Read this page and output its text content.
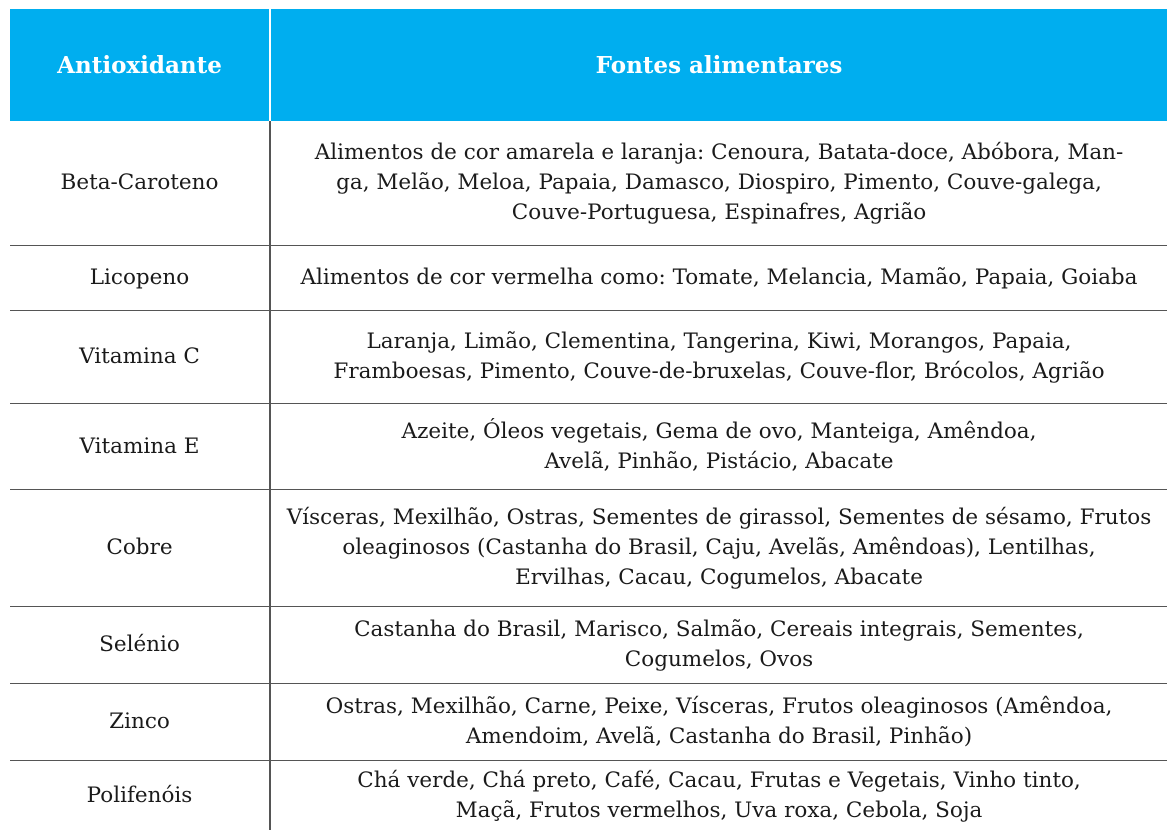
Antioxidante	Fontes alimentares
Beta-Caroteno
Alimentos de cor amarela e laranja: Cenoura, Batata-doce, Abóbora, Man-
ga, Melão, Meloa, Papaia, Damasco, Diospiro, Pimento, Couve-galega,
Couve-Portuguesa, Espinafres, Agrião
Licopeno	Alimentos de cor vermelha como: Tomate, Melancia, Mamão, Papaia, Goiaba
Vitamina C
Laranja, Limão, Clementina, Tangerina, Kiwi, Morangos, Papaia,
Framboesas, Pimento, Couve-de-bruxelas, Couve-flor, Brócolos, Agrião
Vitamina E
Azeite, Óleos vegetais, Gema de ovo, Manteiga, Amêndoa,
Avelã, Pinhão, Pistácio, Abacate
Cobre
Vísceras, Mexilhão, Ostras, Sementes de girassol, Sementes de sésamo, Frutos
oleaginosos (Castanha do Brasil, Caju, Avelãs, Amêndoas), Lentilhas,
Ervilhas, Cacau, Cogumelos, Abacate
Selénio
Castanha do Brasil, Marisco, Salmão, Cereais integrais, Sementes,
Cogumelos, Ovos
Zinco
Ostras, Mexilhão, Carne, Peixe, Vísceras, Frutos oleaginosos (Amêndoa,
Amendoim, Avelã, Castanha do Brasil, Pinhão)
Polifenóis
Chá verde, Chá preto, Café, Cacau, Frutas e Vegetais, Vinho tinto,
Maçã, Frutos vermelhos, Uva roxa, Cebola, Soja
